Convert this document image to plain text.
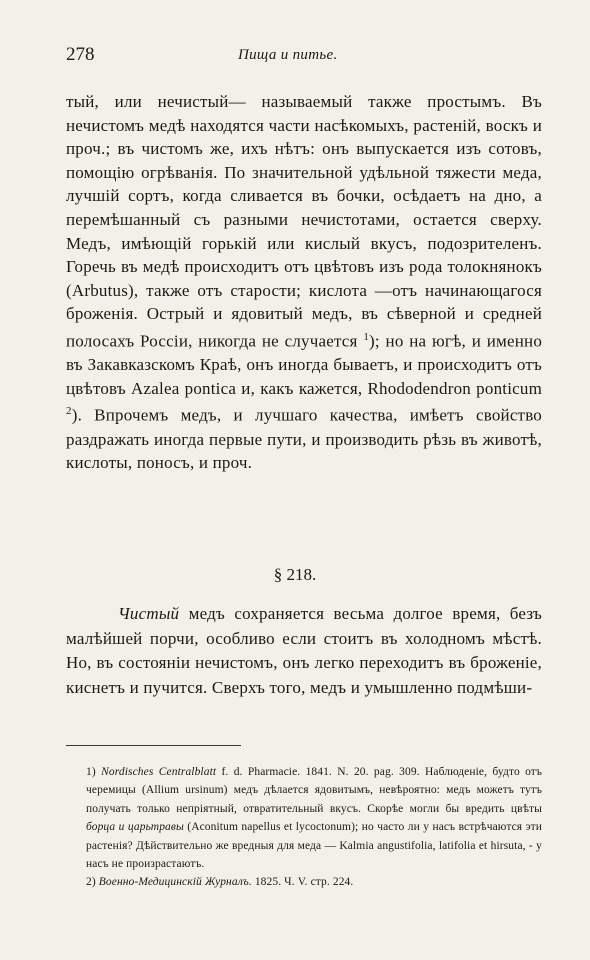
278	Пища и питье.

тый, или нечистый— называемый также простымъ. Въ нечистомъ медѣ находятся части насѣкомыхъ, растеній, воскъ и проч.; въ чистомъ же, ихъ нѣтъ: онъ выпускается изъ сотовъ, помощію огрѣванія. По значительной удѣльной тяжести меда, лучшій сортъ, когда сливается въ бочки, осѣдаетъ на дно, а перемѣшанный съ разными нечистотами, остается сверху. Медъ, имѣющій горькій или кислый вкусъ, подозрителенъ. Горечь въ медѣ происходитъ отъ цвѣтовъ изъ рода толокнянокъ (Arbutus), также отъ старости; кислота —отъ начинающагося броженія. Острый и ядовитый медъ, въ сѣверной и средней полосахъ Россіи, никогда не случается $^1$); но на югѣ, и именно въ Закавказскомъ Краѣ, онъ иногда бываетъ, и происходитъ отъ цвѣтовъ Azalea pontica и, какъ кажется, Rhododendron ponticum $^2$). Впрочемъ медъ, и лучшаго качества, имѣетъ свойство раздражать иногда первые пути, и производить рѣзь въ животѣ, кислоты, поносъ, и проч.

§ 218.

Чистый медъ сохраняется весьма долгое время, безъ малѣйшей порчи, особливо если стоитъ въ холодномъ мѣстѣ. Но, въ состояніи нечистомъ, онъ легко переходитъ въ броженіе, киснетъ и пучится. Сверхъ того, медъ и умышленно подмѣши-

1) Nordisches Centralblatt f. d. Pharmacie. 1841. N. 20. pag. 309. Наблюденіе, будто отъ черемицы (Allium ursinum) медъ дѣлается ядовитымъ, невѣроятно: медъ можетъ тутъ получать только непріятный, отвратительный вкусъ. Скорѣе могли бы вредить цвѣты борца и царьтравы (Aconitum napellus et lycoctonum); но часто ли у насъ встрѣчаются эти растенія? Дѣйствительно же вредныя для меда — Kalmia angustifolia, latifolia et hirsuta, - у насъ не произрастаютъ.

2) Военно-Медицинскій Журналъ. 1825. Ч. V. стр. 224.
